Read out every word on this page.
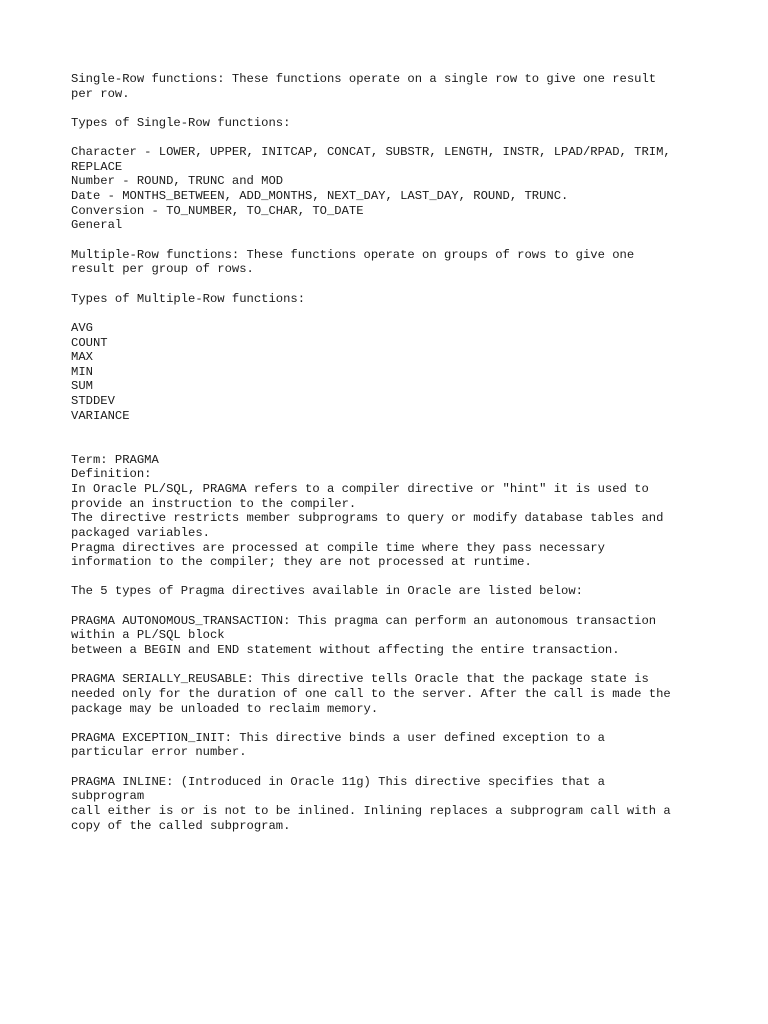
Single-Row functions: These functions operate on a single row to give one result
per row.
Types of Single-Row functions:
Character - LOWER, UPPER, INITCAP, CONCAT, SUBSTR, LENGTH, INSTR, LPAD/RPAD, TRIM,
REPLACE
Number - ROUND, TRUNC and MOD
Date - MONTHS_BETWEEN, ADD_MONTHS, NEXT_DAY, LAST_DAY, ROUND, TRUNC.
Conversion - TO_NUMBER, TO_CHAR, TO_DATE
General
Multiple-Row functions: These functions operate on groups of rows to give one
result per group of rows.
Types of Multiple-Row functions:
AVG
COUNT
MAX
MIN
SUM
STDDEV
VARIANCE
Term: PRAGMA
Definition:
In Oracle PL/SQL, PRAGMA refers to a compiler directive or "hint" it is used to
provide an instruction to the compiler.
The directive restricts member subprograms to query or modify database tables and
packaged variables.
Pragma directives are processed at compile time where they pass necessary
information to the compiler; they are not processed at runtime.
The 5 types of Pragma directives available in Oracle are listed below:
PRAGMA AUTONOMOUS_TRANSACTION: This pragma can perform an autonomous transaction
within a PL/SQL block
between a BEGIN and END statement without affecting the entire transaction.
PRAGMA SERIALLY_REUSABLE: This directive tells Oracle that the package state is
needed only for the duration of one call to the server. After the call is made the
package may be unloaded to reclaim memory.
PRAGMA EXCEPTION_INIT: This directive binds a user defined exception to a
particular error number.
PRAGMA INLINE: (Introduced in Oracle 11g) This directive specifies that a
subprogram
call either is or is not to be inlined. Inlining replaces a subprogram call with a
copy of the called subprogram.
